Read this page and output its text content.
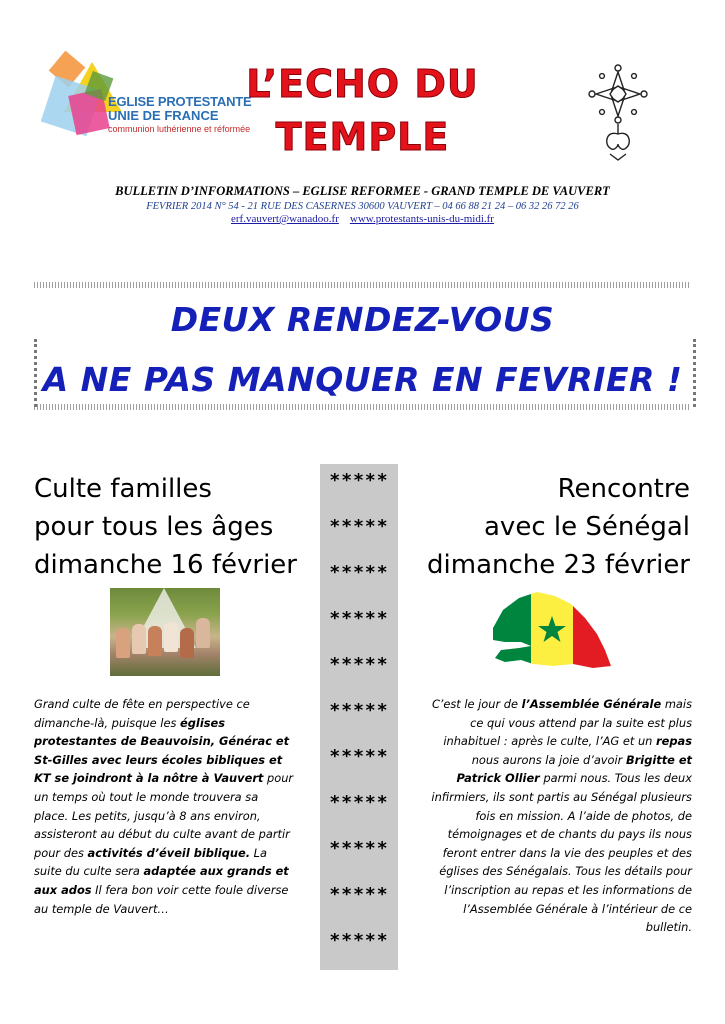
EGLISE PROTESTANTE
UNIE DE FRANCE
communion luthérienne et réformée
L’ECHO DU
TEMPLE
BULLETIN D’INFORMATIONS – EGLISE REFORMEE - GRAND TEMPLE DE VAUVERT
FEVRIER 2014 N° 54 - 21 RUE DES CASERNES 30600 VAUVERT – 04 66 88 21 24 – 06 32 26 72 26
erf.vauvert@wanadoo.fr www.protestants-unis-du-midi.fr
DEUX RENDEZ-VOUS
A NE PAS MANQUER EN FEVRIER !
*****
*****
*****
*****
*****
*****
*****
*****
*****
*****
*****
Culte familles
pour tous les âges
dimanche 16 février
Rencontre
avec le Sénégal
dimanche 23 février
Grand culte de fête en perspective ce dimanche-là, puisque les églises protestantes de Beauvoisin, Générac et St-Gilles avec leurs écoles bibliques et KT se joindront à la nôtre à Vauvert pour un temps où tout le monde trouvera sa place. Les petits, jusqu’à 8 ans environ, assisteront au début du culte avant de partir pour des activités d’éveil biblique. La suite du culte sera adaptée aux grands et aux ados Il fera bon voir cette foule diverse au temple de Vauvert…
C’est le jour de l’Assemblée Générale mais ce qui vous attend par la suite est plus inhabituel : après le culte, l’AG et un repas nous aurons la joie d’avoir Brigitte et Patrick Ollier parmi nous. Tous les deux infirmiers, ils sont partis au Sénégal plusieurs fois en mission. A l’aide de photos, de témoignages et de chants du pays ils nous feront entrer dans la vie des peuples et des églises des Sénégalais. Tous les détails pour l’inscription au repas et les informations de l’Assemblée Générale à l’intérieur de ce bulletin.
